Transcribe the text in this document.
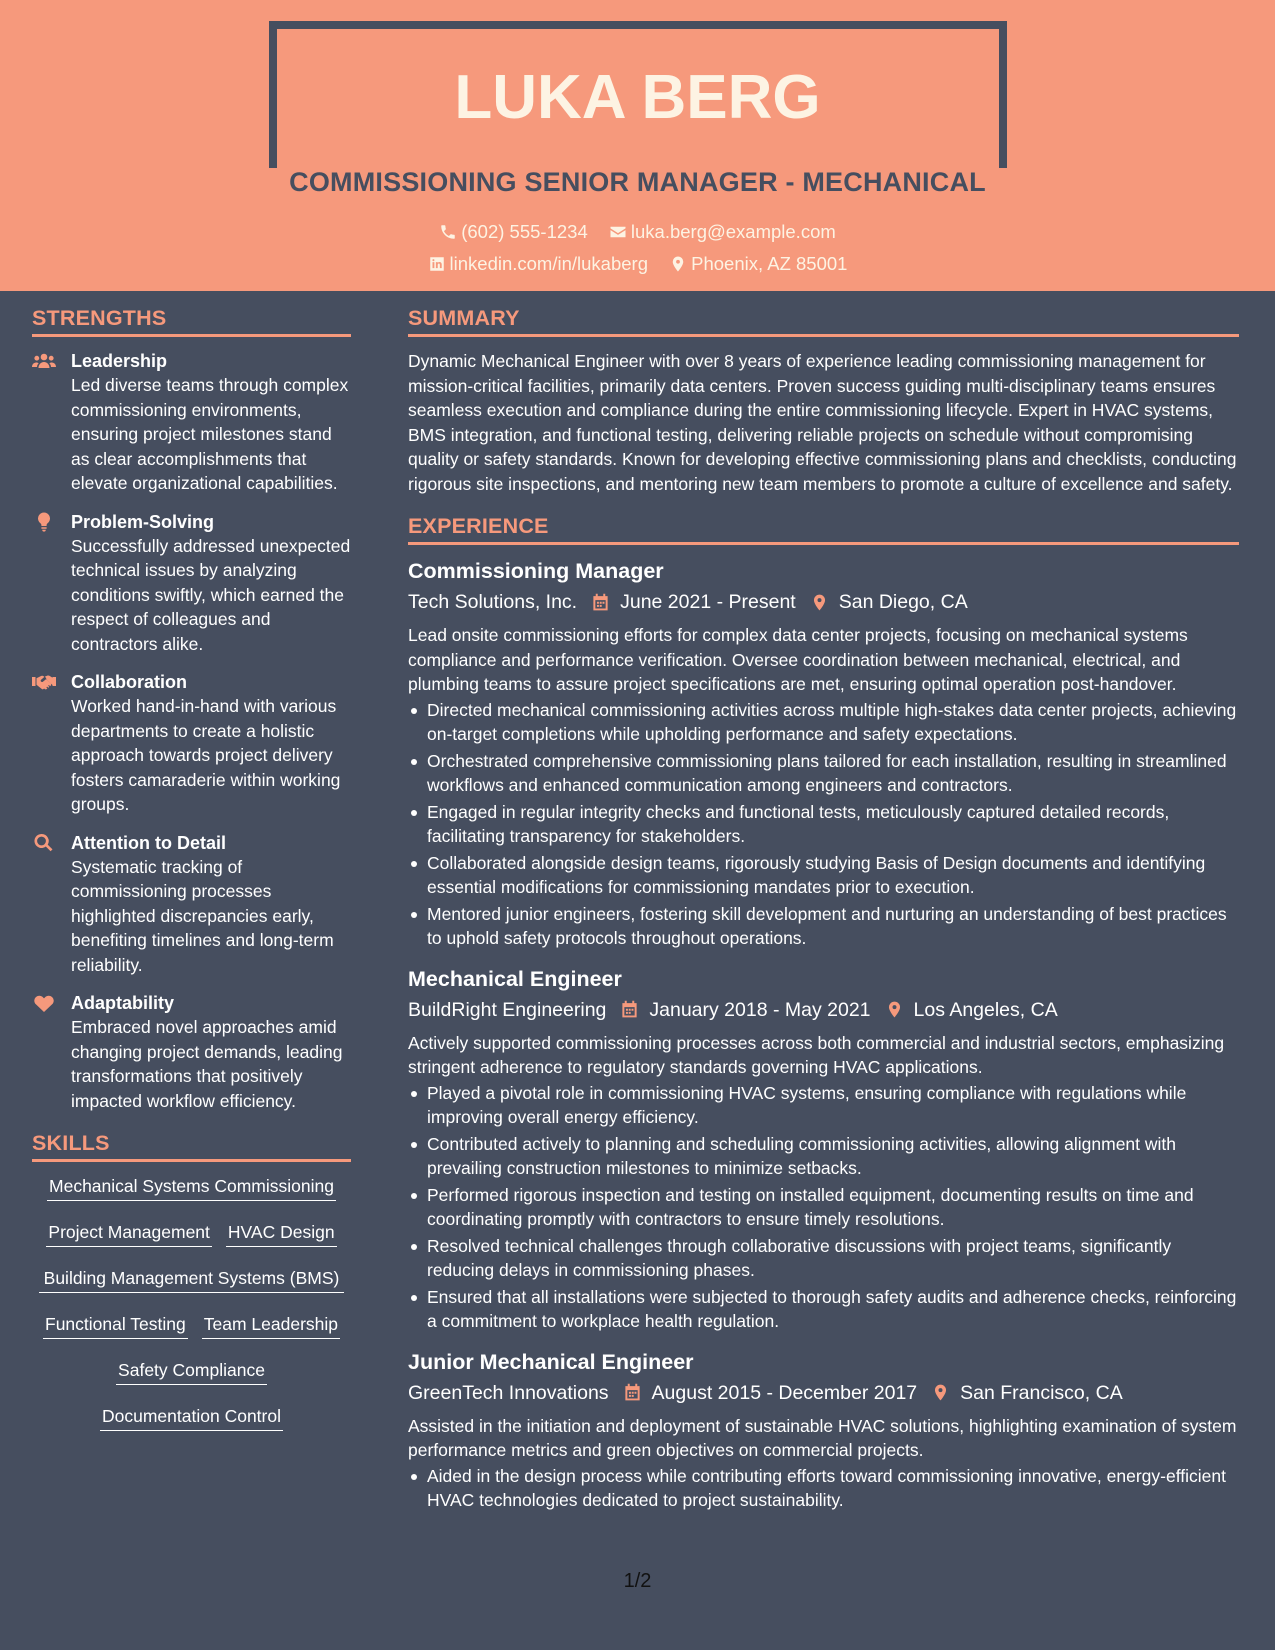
LUKA BERG
COMMISSIONING SENIOR MANAGER - MECHANICAL
(602) 555-1234
luka.berg@example.com
linkedin.com/in/lukaberg
Phoenix, AZ 85001
STRENGTHS
Leadership
Led diverse teams through complex commissioning environments, ensuring project milestones stand as clear accomplishments that elevate organizational capabilities.
Problem-Solving
Successfully addressed unexpected technical issues by analyzing conditions swiftly, which earned the respect of colleagues and contractors alike.
Collaboration
Worked hand-in-hand with various departments to create a holistic approach towards project delivery fosters camaraderie within working groups.
Attention to Detail
Systematic tracking of commissioning processes highlighted discrepancies early, benefiting timelines and long-term reliability.
Adaptability
Embraced novel approaches amid changing project demands, leading transformations that positively impacted workflow efficiency.
SKILLS
Mechanical Systems Commissioning
Project Management HVAC Design
Building Management Systems (BMS)
Functional Testing Team Leadership
Safety Compliance
Documentation Control
SUMMARY
Dynamic Mechanical Engineer with over 8 years of experience leading commissioning management for mission-critical facilities, primarily data centers. Proven success guiding multi-disciplinary teams ensures seamless execution and compliance during the entire commissioning lifecycle. Expert in HVAC systems, BMS integration, and functional testing, delivering reliable projects on schedule without compromising quality or safety standards. Known for developing effective commissioning plans and checklists, conducting rigorous site inspections, and mentoring new team members to promote a culture of excellence and safety.
EXPERIENCE
Commissioning Manager
Tech Solutions, Inc. June 2021 - Present San Diego, CA
Lead onsite commissioning efforts for complex data center projects, focusing on mechanical systems compliance and performance verification. Oversee coordination between mechanical, electrical, and plumbing teams to assure project specifications are met, ensuring optimal operation post-handover.
Directed mechanical commissioning activities across multiple high-stakes data center projects, achieving on-target completions while upholding performance and safety expectations.
Orchestrated comprehensive commissioning plans tailored for each installation, resulting in streamlined workflows and enhanced communication among engineers and contractors.
Engaged in regular integrity checks and functional tests, meticulously captured detailed records, facilitating transparency for stakeholders.
Collaborated alongside design teams, rigorously studying Basis of Design documents and identifying essential modifications for commissioning mandates prior to execution.
Mentored junior engineers, fostering skill development and nurturing an understanding of best practices to uphold safety protocols throughout operations.
Mechanical Engineer
BuildRight Engineering January 2018 - May 2021 Los Angeles, CA
Actively supported commissioning processes across both commercial and industrial sectors, emphasizing stringent adherence to regulatory standards governing HVAC applications.
Played a pivotal role in commissioning HVAC systems, ensuring compliance with regulations while improving overall energy efficiency.
Contributed actively to planning and scheduling commissioning activities, allowing alignment with prevailing construction milestones to minimize setbacks.
Performed rigorous inspection and testing on installed equipment, documenting results on time and coordinating promptly with contractors to ensure timely resolutions.
Resolved technical challenges through collaborative discussions with project teams, significantly reducing delays in commissioning phases.
Ensured that all installations were subjected to thorough safety audits and adherence checks, reinforcing a commitment to workplace health regulation.
Junior Mechanical Engineer
GreenTech Innovations August 2015 - December 2017 San Francisco, CA
Assisted in the initiation and deployment of sustainable HVAC solutions, highlighting examination of system performance metrics and green objectives on commercial projects.
Aided in the design process while contributing efforts toward commissioning innovative, energy-efficient HVAC technologies dedicated to project sustainability.
1/2
